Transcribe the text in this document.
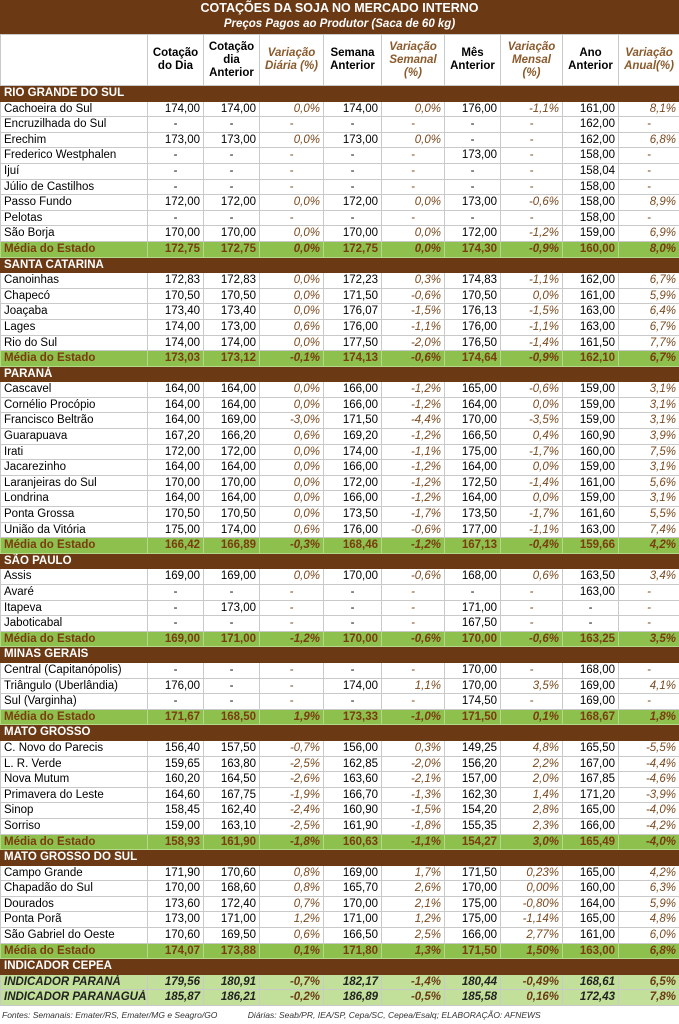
COTAÇÕES DA SOJA NO MERCADO INTERNO
Preços Pagos ao Produtor (Saca de 60 kg)
	Cotação do Dia	Cotação dia Anterior	Variação Diária (%)	Semana Anterior	Variação Semanal (%)	Mês Anterior	Variação Mensal (%)	Ano Anterior	Variação Anual(%)
RIO GRANDE DO SUL									
Cachoeira do Sul	174,00	174,00	0,0%	174,00	0,0%	176,00	-1,1%	161,00	8,1%
Encruzilhada do Sul	-	-	-	-	-	-	-	162,00	-
Erechim	173,00	173,00	0,0%	173,00	0,0%	-	-	162,00	6,8%
Frederico Westphalen	-	-	-	-	-	173,00	-	158,00	-
Ijuí	-	-	-	-	-	-	-	158,04	-
Júlio de Castilhos	-	-	-	-	-	-	-	158,00	-
Passo Fundo	172,00	172,00	0,0%	172,00	0,0%	173,00	-0,6%	158,00	8,9%
Pelotas	-	-	-	-	-	-	-	158,00	-
São Borja	170,00	170,00	0,0%	170,00	0,0%	172,00	-1,2%	159,00	6,9%
Média do Estado	172,75	172,75	0,0%	172,75	0,0%	174,30	-0,9%	160,00	8,0%
SANTA CATARINA									
Canoinhas	172,83	172,83	0,0%	172,23	0,3%	174,83	-1,1%	162,00	6,7%
Chapecó	170,50	170,50	0,0%	171,50	-0,6%	170,50	0,0%	161,00	5,9%
Joaçaba	173,40	173,40	0,0%	176,07	-1,5%	176,13	-1,5%	163,00	6,4%
Lages	174,00	173,00	0,6%	176,00	-1,1%	176,00	-1,1%	163,00	6,7%
Rio do Sul	174,00	174,00	0,0%	177,50	-2,0%	176,50	-1,4%	161,50	7,7%
Média do Estado	173,03	173,12	-0,1%	174,13	-0,6%	174,64	-0,9%	162,10	6,7%
PARANÁ									
Cascavel	164,00	164,00	0,0%	166,00	-1,2%	165,00	-0,6%	159,00	3,1%
Cornélio Procópio	164,00	164,00	0,0%	166,00	-1,2%	164,00	0,0%	159,00	3,1%
Francisco Beltrão	164,00	169,00	-3,0%	171,50	-4,4%	170,00	-3,5%	159,00	3,1%
Guarapuava	167,20	166,20	0,6%	169,20	-1,2%	166,50	0,4%	160,90	3,9%
Irati	172,00	172,00	0,0%	174,00	-1,1%	175,00	-1,7%	160,00	7,5%
Jacarezinho	164,00	164,00	0,0%	166,00	-1,2%	164,00	0,0%	159,00	3,1%
Laranjeiras do Sul	170,00	170,00	0,0%	172,00	-1,2%	172,50	-1,4%	161,00	5,6%
Londrina	164,00	164,00	0,0%	166,00	-1,2%	164,00	0,0%	159,00	3,1%
Ponta Grossa	170,50	170,50	0,0%	173,50	-1,7%	173,50	-1,7%	161,60	5,5%
União da Vitória	175,00	174,00	0,6%	176,00	-0,6%	177,00	-1,1%	163,00	7,4%
Média do Estado	166,42	166,89	-0,3%	168,46	-1,2%	167,13	-0,4%	159,66	4,2%
SÃO PAULO									
Assis	169,00	169,00	0,0%	170,00	-0,6%	168,00	0,6%	163,50	3,4%
Avaré	-	-	-	-	-	-	-	163,00	-
Itapeva	-	173,00	-	-	-	171,00	-	-	-
Jaboticabal	-	-	-	-	-	167,50	-	-	-
Média do Estado	169,00	171,00	-1,2%	170,00	-0,6%	170,00	-0,6%	163,25	3,5%
MINAS GERAIS									
Central (Capitanópolis)	-	-	-	-	-	170,00	-	168,00	-
Triângulo (Uberlândia)	176,00	-	-	174,00	1,1%	170,00	3,5%	169,00	4,1%
Sul (Varginha)	-	-	-	-	-	174,50	-	169,00	-
Média do Estado	171,67	168,50	1,9%	173,33	-1,0%	171,50	0,1%	168,67	1,8%
MATO GROSSO									
C. Novo do Parecis	156,40	157,50	-0,7%	156,00	0,3%	149,25	4,8%	165,50	-5,5%
L. R. Verde	159,65	163,80	-2,5%	162,85	-2,0%	156,20	2,2%	167,00	-4,4%
Nova Mutum	160,20	164,50	-2,6%	163,60	-2,1%	157,00	2,0%	167,85	-4,6%
Primavera do Leste	164,60	167,75	-1,9%	166,70	-1,3%	162,30	1,4%	171,20	-3,9%
Sinop	158,45	162,40	-2,4%	160,90	-1,5%	154,20	2,8%	165,00	-4,0%
Sorriso	159,00	163,10	-2,5%	161,90	-1,8%	155,35	2,3%	166,00	-4,2%
Média do Estado	158,93	161,90	-1,8%	160,63	-1,1%	154,27	3,0%	165,49	-4,0%
MATO GROSSO DO SUL									
Campo Grande	171,90	170,60	0,8%	169,00	1,7%	171,50	0,23%	165,00	4,2%
Chapadão do Sul	170,00	168,60	0,8%	165,70	2,6%	170,00	0,00%	160,00	6,3%
Dourados	173,60	172,40	0,7%	170,00	2,1%	175,00	-0,80%	164,00	5,9%
Ponta Porã	173,00	171,00	1,2%	171,00	1,2%	175,00	-1,14%	165,00	4,8%
São Gabriel do Oeste	170,60	169,50	0,6%	166,50	2,5%	166,00	2,77%	161,00	6,0%
Média do Estado	174,07	173,88	0,1%	171,80	1,3%	171,50	1,50%	163,00	6,8%
INDICADOR CEPEA									
INDICADOR PARANÁ	179,56	180,91	-0,7%	182,17	-1,4%	180,44	-0,49%	168,61	6,5%
INDICADOR PARANAGUÁ	185,87	186,21	-0,2%	186,89	-0,5%	185,58	0,16%	172,43	7,8%
Fontes: Semanais: Emater/RS, Emater/MG e Seagro/GO	Diárias: Seab/PR, IEA/SP, Cepa/SC, Cepea/Esalq; ELABORAÇÃO: AFNEWS
